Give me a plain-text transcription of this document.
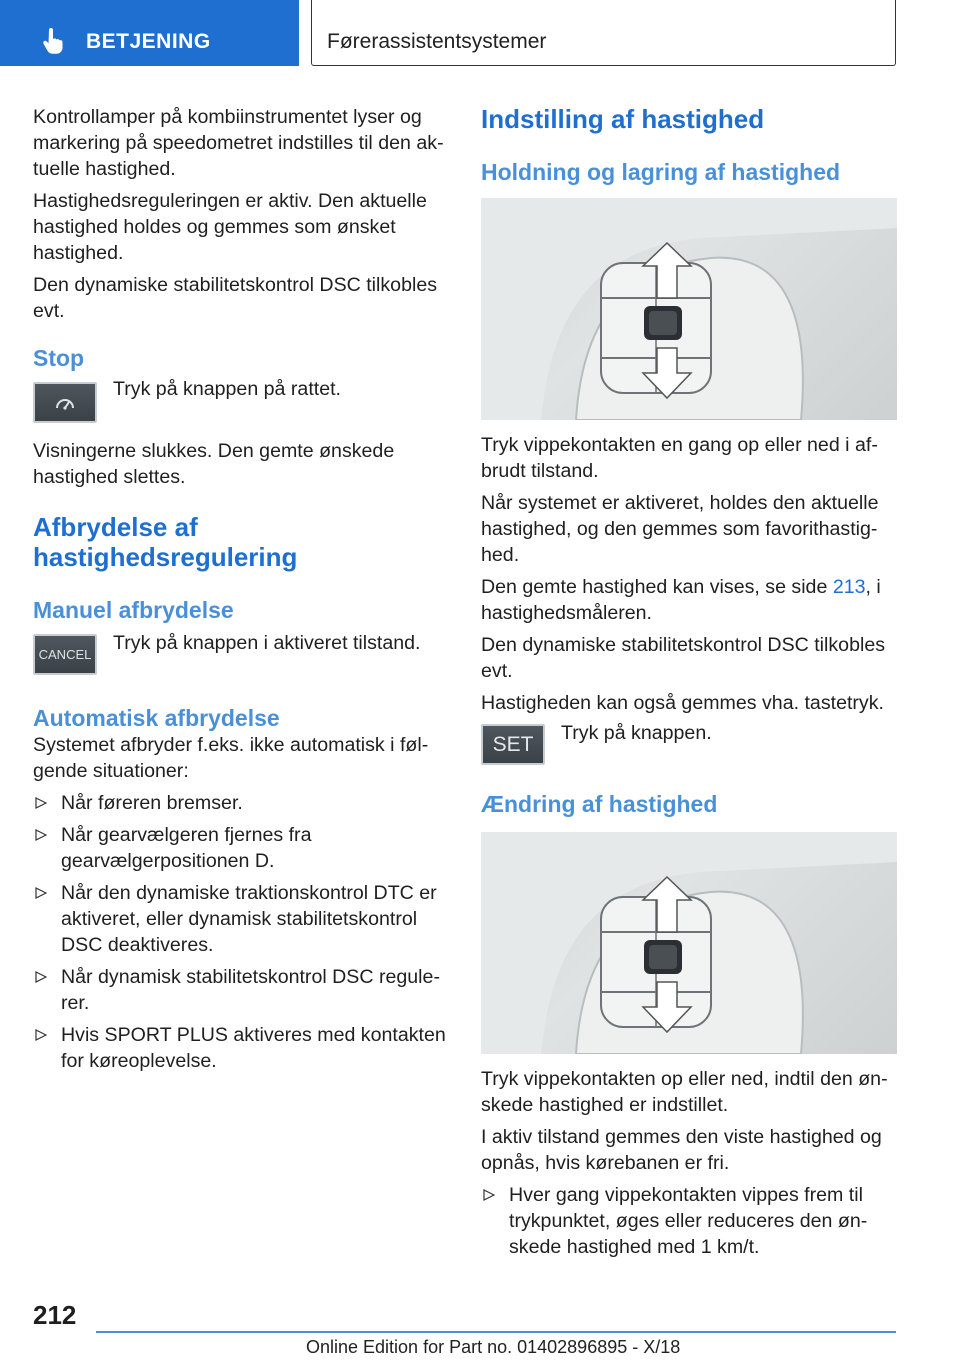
BETJENING	Førerassistentsystemer

Kontrollamper på kombiinstrumentet lyser og markering på speedometret indstilles til den aktuelle hastighed.

Hastighedsreguleringen er aktiv. Den aktuelle hastighed holdes og gemmes som ønsket hastighed.

Den dynamiske stabilitetskontrol DSC tilkobles evt.

Stop
Tryk på knappen på rattet.

Visningerne slukkes. Den gemte ønskede hastighed slettes.

Afbrydelse af hastighedsregulering
Manuel afbrydelse
CANCEL
Tryk på knappen i aktiveret tilstand.
Automatisk afbrydelse

Systemet afbryder f.eks. ikke automatisk i følgende situationer:

Når føreren bremser.
Når gearvælgeren fjernes fra gearvælgerpositionen D.
Når den dynamiske traktionskontrol DTC er aktiveret, eller dynamisk stabilitetskontrol DSC deaktiveres.
Når dynamisk stabilitetskontrol DSC regulerer.
Hvis SPORT PLUS aktiveres med kontakten for køreoplevelse.
Indstilling af hastighed
Holdning og lagring af hastighed

Tryk vippekontakten en gang op eller ned i afbrudt tilstand.

Når systemet er aktiveret, holdes den aktuelle hastighed, og den gemmes som favorithastighed.

Den gemte hastighed kan vises, se side 213, i hastighedsmåleren.

Den dynamiske stabilitetskontrol DSC tilkobles evt.

Hastigheden kan også gemmes vha. tastetryk.

SET Tryk på knappen.
Ændring af hastighed

Tryk vippekontakten op eller ned, indtil den ønskede hastighed er indstillet.

I aktiv tilstand gemmes den viste hastighed og opnås, hvis kørebanen er fri.

Hver gang vippekontakten vippes frem til trykpunktet, øges eller reduceres den ønskede hastighed med 1 km/t.
212
Online Edition for Part no. 01402896895 - X/18
